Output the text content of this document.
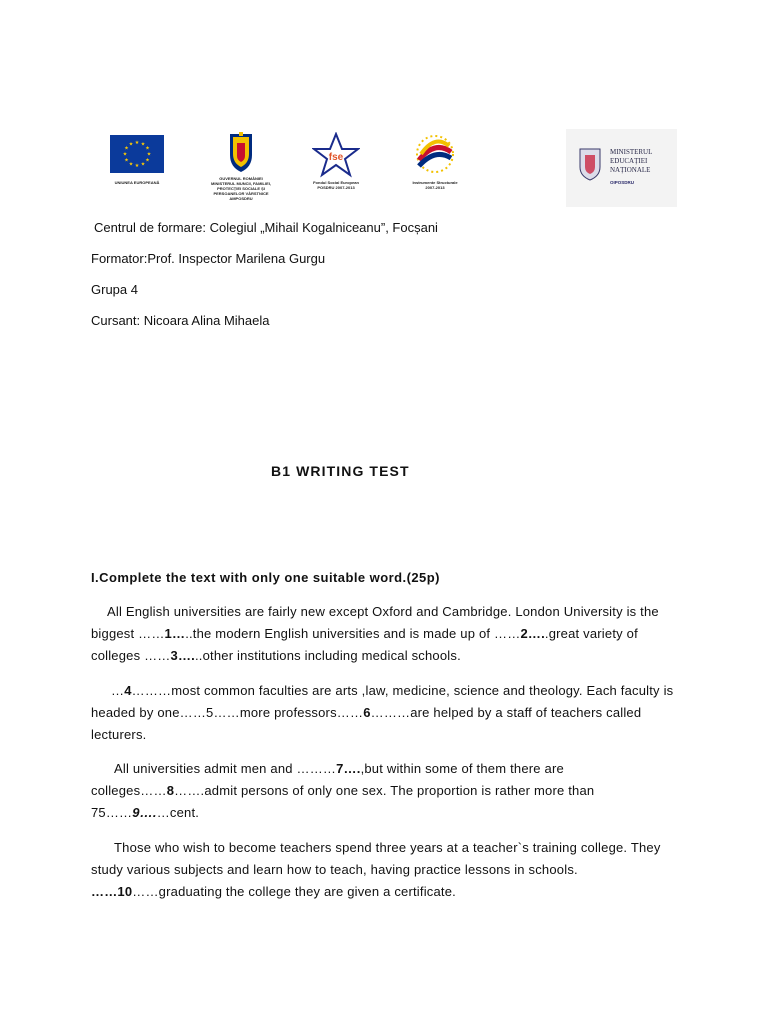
★ ★
★
★
★
★
★
★
★
★
★
★
UNIUNEA EUROPEANĂ
GUVERNUL ROMÂNIEI
MINISTERUL MUNCII, FAMILIEI,
PROTECȚIEI SOCIALE ȘI
PERSOANELOR VÂRSTNICE
AMPOSDRU
fse
Fondul Social European
POSDRU 2007-2013
Instrumente Structurale
2007-2013
MINISTERUL
EDUCAȚIEI
NAȚIONALE
OIPOSDRU
Centrul de formare: Colegiul „Mihail Kogalniceanu”, Focșani
Formator:Prof. Inspector Marilena Gurgu
Grupa 4
Cursant: Nicoara Alina Mihaela
B1 WRITING TEST
I.Complete the text with only one suitable word.(25p)
All English universities are fairly new except Oxford and Cambridge. London University is the
biggest ……1…..the modern English universities and is made up of ……2…..great variety of
colleges ……3…...other institutions including medical schools.
…4………most common faculties are arts ,law, medicine, science and theology. Each faculty is
headed by one……5……more professors……6………are helped by a staff of teachers called
lecturers.
All universities admit men and ………7….,but within some of them there are
colleges……8…….admit persons of only one sex. The proportion is rather more than
75……9….…cent.
Those who wish to become teachers spend three years at a teacher`s training college. They
study various subjects and learn how to teach, having practice lessons in schools.
……10……graduating the college they are given a certificate.
